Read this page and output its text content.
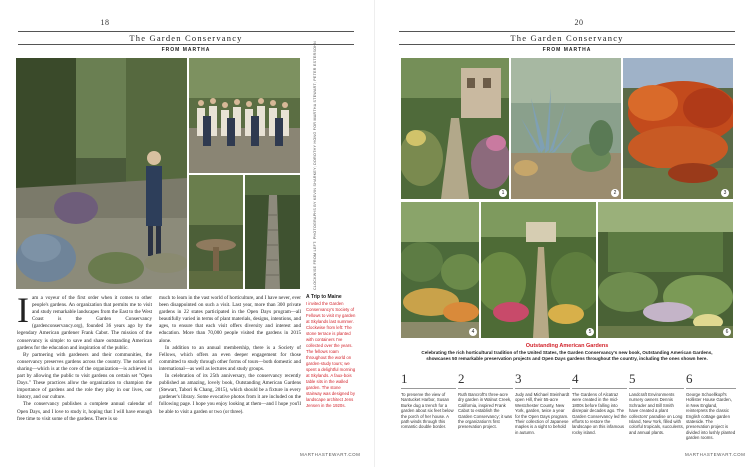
18
The Garden Conservancy
FROM MARTHA
A Trip to Maine
I invited the Garden Conservancy's Society of Fellows to visit my garden at Skylands last summer. Clockwise from left: The stone terrace is planted with containers I've collected over the years. The fellows roam throughout the world on garden-study tours; we spent a delightful morning at Skylands. A faux-bois table sits in the walled garden. The stone stairway was designed by landscape architect Jens Jensen in the 1920s.
CLOCKWISE FROM LEFT: PHOTOGRAPHS BY KEVIN SHARKEY; DOROTHY HONG FOR MARTHA STEWART; PETER ESTERSOHN

Iam a voyeur of the first order when it comes to other people's gardens. An organization that permits me to visit and study remarkable landscapes from the East to the West Coast is the Garden Conservancy (gardenconservancy.org), founded 36 years ago by the legendary American gardener Frank Cabot. The mission of the conservancy is simple: to save and share outstanding American gardens for the education and inspiration of the public.

By partnering with gardeners and their communities, the conservancy preserves gardens across the country. The notion of sharing—which is at the core of the organization—is achieved in part by allowing the public to visit gardens on certain set "Open Days." These practices allow the organization to champion the importance of gardens and the role they play in our lives, our history, and our culture.

The conservancy publishes a complete annual calendar of Open Days, and I love to study it, hoping that I will have enough free time to visit some of the gardens. There is so

much to learn in the vast world of horticulture, and I have never, ever been disappointed on such a visit. Last year, more than 300 private gardens in 22 states participated in the Open Days program—all beautifully varied in terms of plant materials, designs, intentions, and ages, to ensure that each visit offers diversity and interest and education. More than 70,000 people visited the gardens in 2015 alone.

In addition to an annual membership, there is a Society of Fellows, which offers an even deeper engagement for those committed to study through other forms of tours—both domestic and international—as well as lectures and study groups.

In celebration of its 25th anniversary, the conservancy recently published an amazing, lovely book, Outstanding American Gardens (Stewart, Tabori & Chang, 2015), which should be a fixture in every gardener's library. Some evocative photos from it are included on the following page. I hope you enjoy looking at them—and I hope you'll be able to visit a garden or two (or three).

MARTHASTEWART.COM
20
The Garden Conservancy
FROM MARTHA
1	2	3
4	5	6
Outstanding American Gardens
Celebrating the rich horticultural tradition of the United States, the Garden Conservancy's new book, Outstanding American Gardens, showcases 50 remarkable preservation projects and Open Days gardens throughout the country, including the ones shown here.
1
To preserve the view of Nantucket Harbor, Susan Burke dug a trench for a garden about six feet below the porch of her house. A path winds through this romantic double border.
2
Ruth Bancroft's three-acre dry garden in Walnut Creek, California, inspired Frank Cabot to establish the Garden Conservancy; it was the organization's first preservation project.
3
Judy and Michael Steinhardt open Hill, their 55-acre Westchester County, New York, garden, twice a year for the Open Days program. Their collection of Japanese maples is a sight to behold in autumn.
4
The Gardens of Alcatraz were created in the mid-1800s before falling into disrepair decades ago. The Garden Conservancy led the efforts to restore the landscape on this infamous rocky island.
5
Landcraft Environments nursery owners Dennis Schrader and Bill Smith have created a plant collectors' paradise on Long Island, New York, filled with colorful tropicals, succulents, and annual plants.
6
George Schoellkopf's Hollister House Garden, in New England, reinterprets the classic English cottage garden stateside. The preservation project is divided into lushly planted garden rooms.
MARTHASTEWART.COM
